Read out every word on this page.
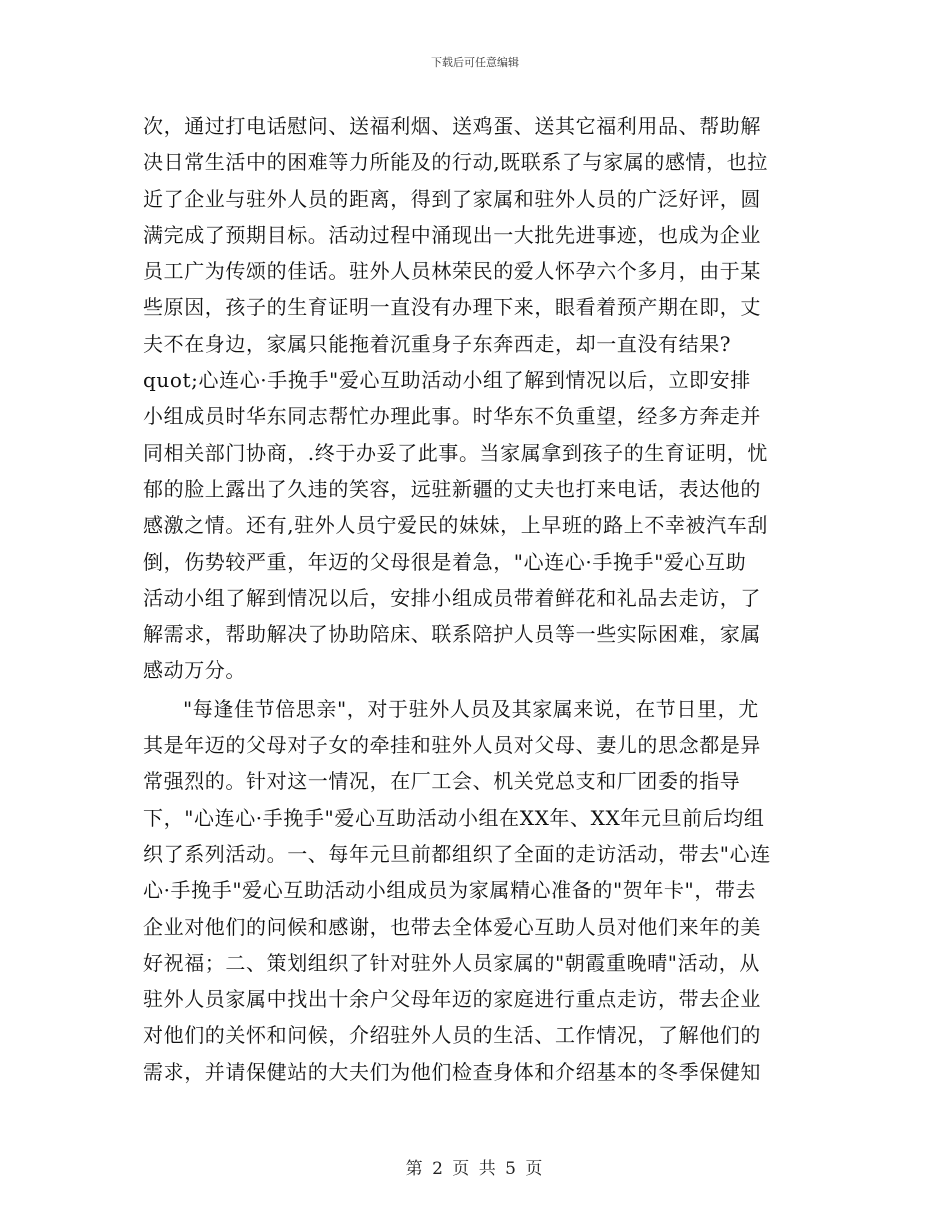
下载后可任意编辑
次，通过打电话慰问、送福利烟、送鸡蛋、送其它福利用品、帮助解
决日常生活中的困难等力所能及的行动,既联系了与家属的感情，也拉
近了企业与驻外人员的距离，得到了家属和驻外人员的广泛好评，圆
满完成了预期目标。活动过程中涌现出一大批先进事迹，也成为企业
员工广为传颂的佳话。驻外人员林荣民的爱人怀孕六个多月，由于某
些原因，孩子的生育证明一直没有办理下来，眼看着预产期在即，丈
夫不在身边，家属只能拖着沉重身子东奔西走，却一直没有结果?
quot;心连心·手挽手"爱心互助活动小组了解到情况以后，立即安排
小组成员时华东同志帮忙办理此事。时华东不负重望，经多方奔走并
同相关部门协商，.终于办妥了此事。当家属拿到孩子的生育证明，忧
郁的脸上露出了久违的笑容，远驻新疆的丈夫也打来电话，表达他的
感激之情。还有,驻外人员宁爱民的妹妹，上早班的路上不幸被汽车刮
倒，伤势较严重，年迈的父母很是着急，"心连心·手挽手"爱心互助
活动小组了解到情况以后，安排小组成员带着鲜花和礼品去走访，了
解需求，帮助解决了协助陪床、联系陪护人员等一些实际困难，家属
感动万分。
"每逢佳节倍思亲"，对于驻外人员及其家属来说，在节日里，尤
其是年迈的父母对子女的牵挂和驻外人员对父母、妻儿的思念都是异
常强烈的。针对这一情况，在厂工会、机关党总支和厂团委的指导
下，"心连心·手挽手"爱心互助活动小组在XX年、XX年元旦前后均组
织了系列活动。一、每年元旦前都组织了全面的走访活动，带去"心连
心·手挽手"爱心互助活动小组成员为家属精心准备的"贺年卡"，带去
企业对他们的问候和感谢，也带去全体爱心互助人员对他们来年的美
好祝福；二、策划组织了针对驻外人员家属的"朝霞重晚晴"活动，从
驻外人员家属中找出十余户父母年迈的家庭进行重点走访，带去企业
对他们的关怀和问候，介绍驻外人员的生活、工作情况，了解他们的
需求，并请保健站的大夫们为他们检查身体和介绍基本的冬季保健知
第 2 页 共 5 页
